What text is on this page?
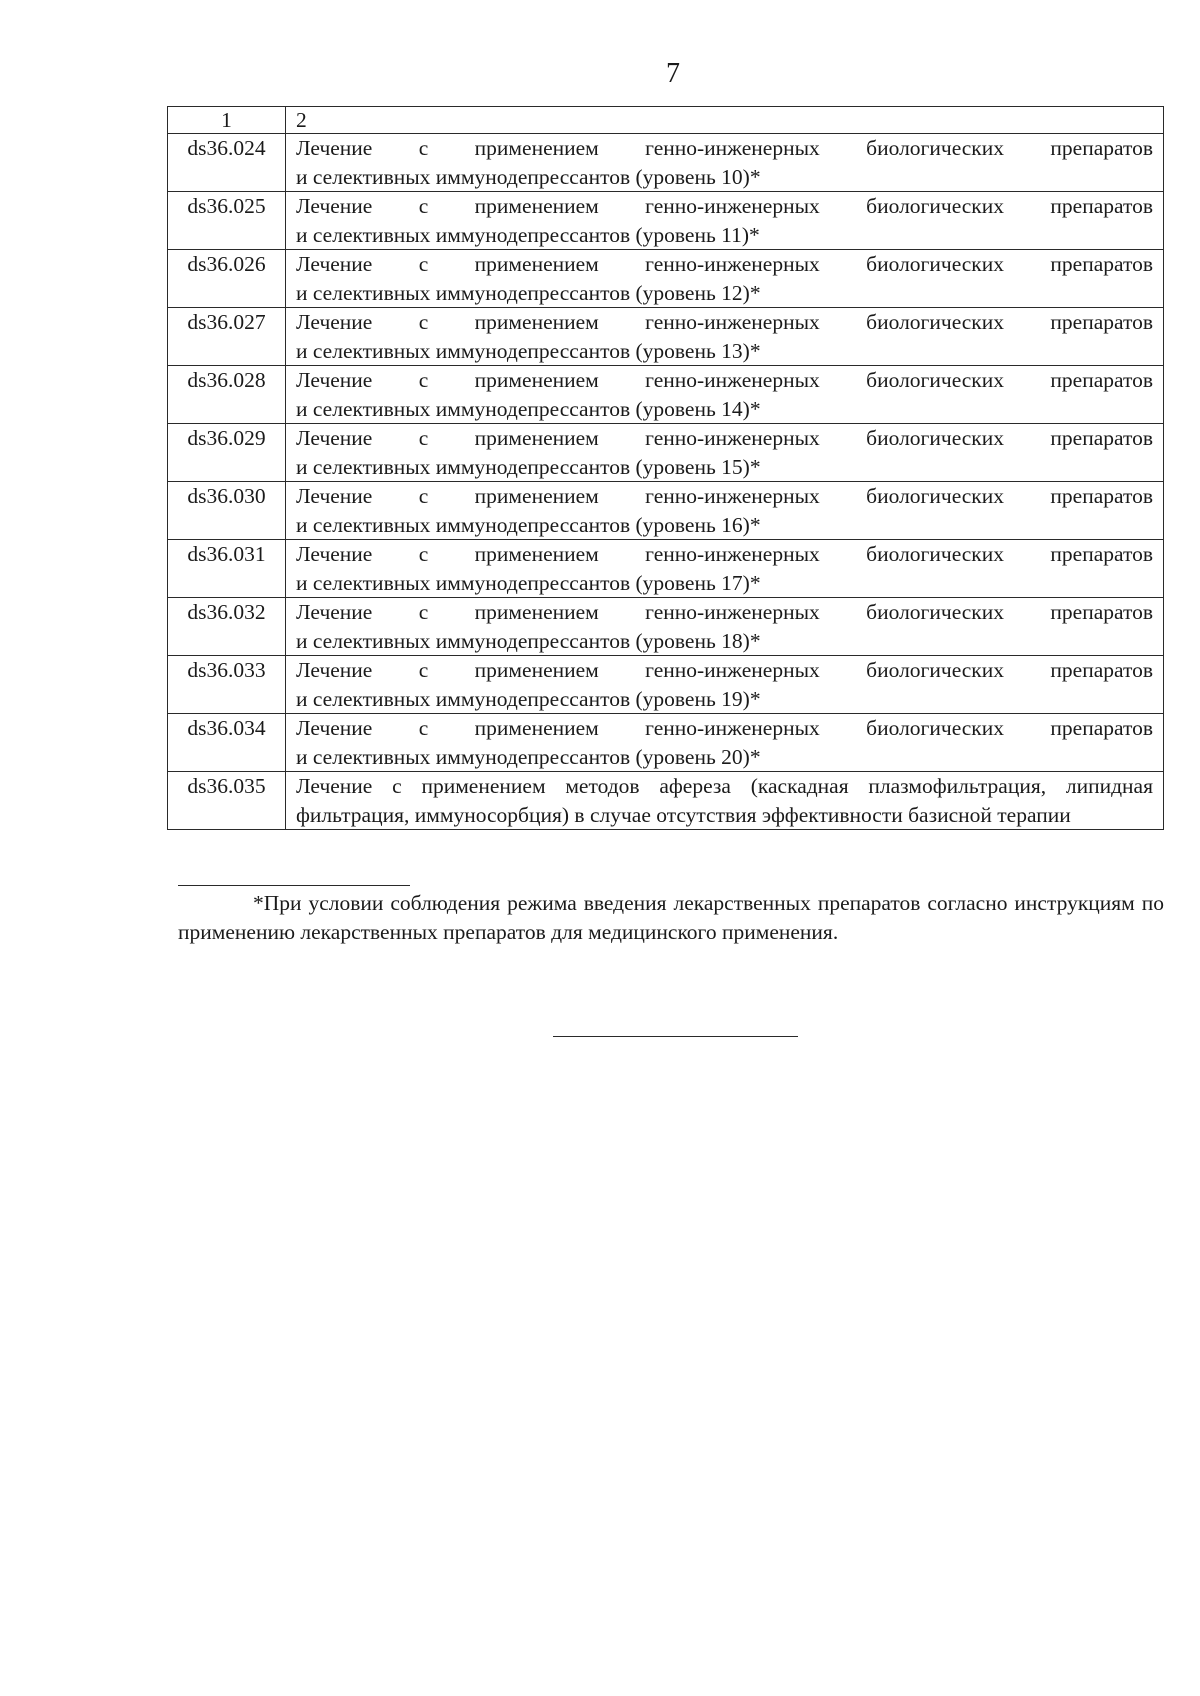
7
1	2
ds36.024	Лечение с применением генно-инженерных биологических препаратов
и селективных иммунодепрессантов (уровень 10)*

ds36.025	Лечение с применением генно-инженерных биологических препаратов
и селективных иммунодепрессантов (уровень 11)*

ds36.026	Лечение с применением генно-инженерных биологических препаратов
и селективных иммунодепрессантов (уровень 12)*

ds36.027	Лечение с применением генно-инженерных биологических препаратов
и селективных иммунодепрессантов (уровень 13)*

ds36.028	Лечение с применением генно-инженерных биологических препаратов
и селективных иммунодепрессантов (уровень 14)*

ds36.029	Лечение с применением генно-инженерных биологических препаратов
и селективных иммунодепрессантов (уровень 15)*

ds36.030	Лечение с применением генно-инженерных биологических препаратов
и селективных иммунодепрессантов (уровень 16)*

ds36.031	Лечение с применением генно-инженерных биологических препаратов
и селективных иммунодепрессантов (уровень 17)*

ds36.032	Лечение с применением генно-инженерных биологических препаратов
и селективных иммунодепрессантов (уровень 18)*

ds36.033	Лечение с применением генно-инженерных биологических препаратов
и селективных иммунодепрессантов (уровень 19)*

ds36.034	Лечение с применением генно-инженерных биологических препаратов
и селективных иммунодепрессантов (уровень 20)*

ds36.035	Лечение с применением методов афереза (каскадная плазмофильтрация, липидная фильтрация, иммуносорбция) в случае отсутствия эффективности базисной терапии
*При условии соблюдения режима введения лекарственных препаратов согласно инструкциям по применению лекарственных препаратов для медицинского применения.
